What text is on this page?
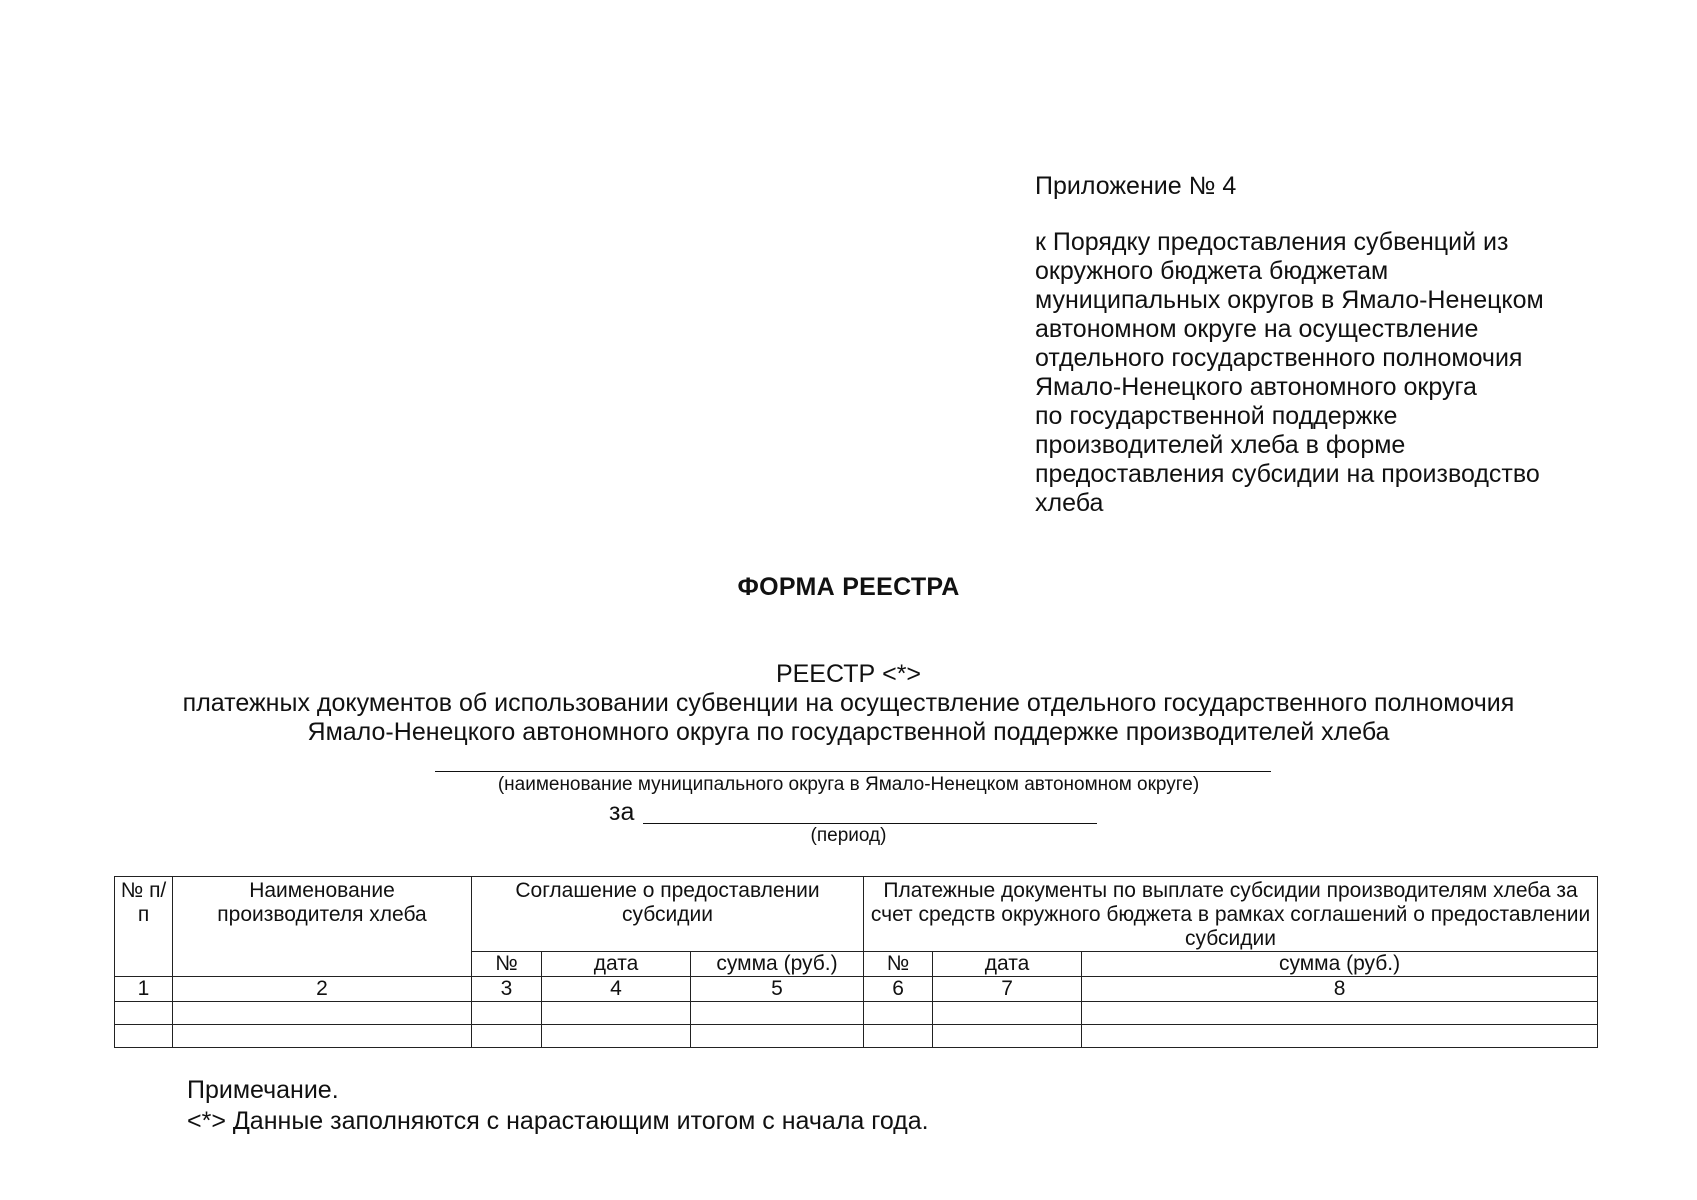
Приложение № 4
к Порядку предоставления субвенций из
окружного бюджета бюджетам
муниципальных округов в Ямало-Ненецком
автономном округе на осуществление
отдельного государственного полномочия
Ямало-Ненецкого автономного округа
по государственной поддержке
производителей хлеба в форме
предоставления субсидии на производство
хлеба
ФОРМА РЕЕСТРА
РЕЕСТР <*>
платежных документов об использовании субвенции на осуществление отдельного государственного полномочия
Ямало-Ненецкого автономного округа по государственной поддержке производителей хлеба
(наименование муниципального округа в Ямало-Ненецком автономном округе)
за
(период)
№ п/п	Наименование производителя хлеба	Соглашение о предоставлении субсидии			Платежные документы по выплате субсидии производителям хлеба за счет средств окружного бюджета в рамках соглашений о предоставлении субсидии		
		№	дата	сумма (руб.)	№	дата	сумма (руб.)
1	2	3	4	5	6	7	8

Примечание.
<*> Данные заполняются с нарастающим итогом с начала года.
